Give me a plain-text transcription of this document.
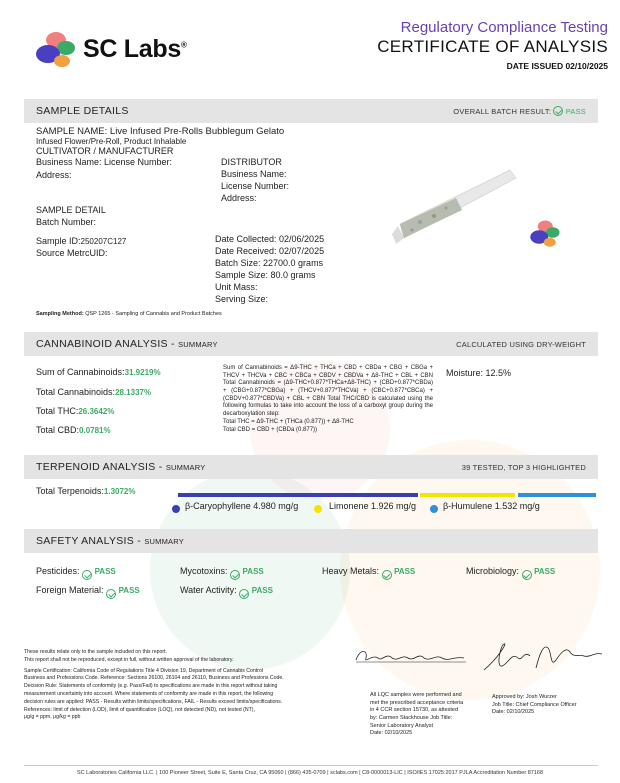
SC Labs®
Regulatory Compliance Testing
CERTIFICATE OF ANALYSIS
DATE ISSUED 02/10/2025
SAMPLE DETAILS	OVERALL BATCH RESULT: PASS
SAMPLE NAME: Live Infused Pre-Rolls Bubblegum Gelato
Infused Flower/Pre-Roll, Product Inhalable
CULTIVATOR / MANUFACTURER
Business Name: License Number:
Address:
DISTRIBUTOR
Business Name:
License Number:
Address:
SAMPLE DETAIL
Batch Number:
Sample ID:250207C127
Source MetrcUID:
Date Collected: 02/06/2025
Date Received: 02/07/2025
Batch Size: 22700.0 grams
Sample Size: 80.0 grams
Unit Mass:
Serving Size:
Sampling Method: QSP 1265 - Sampling of Cannabis and Product Batches
CANNABINOID ANALYSIS - SUMMARY	CALCULATED USING DRY-WEIGHT
Sum of Cannabinoids:31.9219%
Total Cannabinoids:28.1337%
Total THC:26.3642%
Total CBD:0.0781%
Sum of Cannabinoids = Δ9-THC + THCa + CBD + CBDa + CBG + CBGa + THCV + THCVa + CBC + CBCa + CBDV + CBDVa + Δ8-THC + CBL + CBN Total Cannabinoids = (Δ9-THC+0.877*THCa+Δ8-THC) + (CBD+0.877*CBDa) + (CBG+0.877*CBGa) + (THCV+0.877*THCVa) + (CBC+0.877*CBCa) + (CBDV+0.877*CBDVa) + CBL + CBN Total THC/CBD is calculated using the following formulas to take into account the loss of a carboxyl group during the decarboxylation step:
Total THC = Δ9-THC + (THCa (0.877)) + Δ8-THC
Total CBD = CBD + (CBDa (0.877))
Moisture: 12.5%
TERPENOID ANALYSIS - SUMMARY	39 TESTED, TOP 3 HIGHLIGHTED
Total Terpenoids:1.3072%
β-Caryophyllene 4.980 mg/g	Limonene 1.926 mg/g	β-Humulene 1.532 mg/g
SAFETY ANALYSIS - SUMMARY
Pesticides: PASS	Mycotoxins: PASS	Heavy Metals: PASS	Microbiology: PASS
Foreign Material: PASS	Water Activity: PASS
These results relate only to the sample included on this report.
This report shall not be reproduced, except in full, without written approval of the laboratory.
Sample Certification: California Code of Regulations Title 4 Division 19, Department of Cannabis Control
Business and Professions Code. Reference: Sections 26100, 26104 and 26110, Business and Professions Code.
Decision Rule: Statements of conformity (e.g. Pass/Fail) to specifications are made in this report without taking
measurement uncertainty into account. Where statements of conformity are made in this report, the following
decision rules are applied: PASS - Results within limits/specifications, FAIL - Results exceed limits/specifications.
References: limit of detection (LOD), limit of quantification (LOQ), not detected (ND), not tested (NT),
μg/g = ppm, μg/kg = ppb
All LQC samples were performed and
met the prescribed acceptance criteria
in 4 CCR section 15730, as attested
by: Carmen Stackhouse Job Title:
Senior Laboratory Analyst
Date: 02/10/2025
Approved by: Josh Wurzer
Job Title: Chief Compliance Officer
Date: 02/10/2025
SC Laboratories California LLC. | 100 Pioneer Street, Suite E, Santa Cruz, CA 95060 | (866) 435-0709 | sclabs.com | C8-0000013-LIC | ISO/IES 17025:2017 PJLA Accreditation Number 87168
